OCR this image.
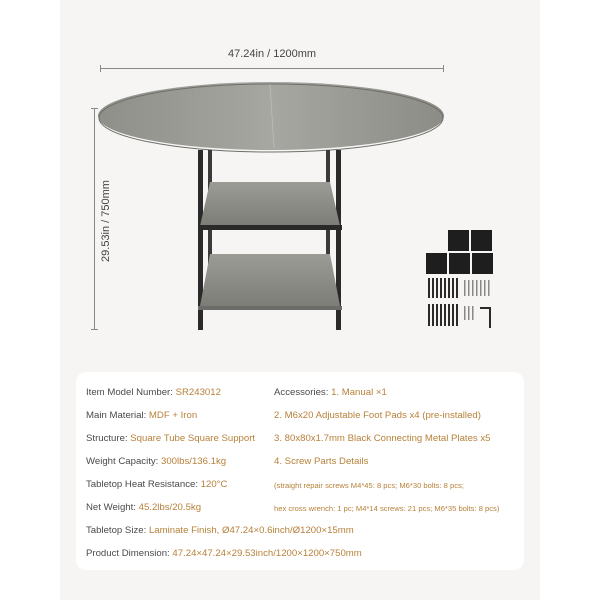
47.24in / 1200mm
29.53in / 750mm
Item Model Number: SR243012
Main Material: MDF + Iron
Structure: Square Tube Square Support
Weight Capacity: 300lbs/136.1kg
Tabletop Heat Resistance: 120°C
Net Weight: 45.2lbs/20.5kg
Tabletop Size: Laminate Finish, Ø47.24×0.6inch/Ø1200×15mm
Product Dimension: 47.24×47.24×29.53inch/1200×1200×750mm
Accessories: 1. Manual ×1
2. M6x20 Adjustable Foot Pads x4 (pre-installed)
3. 80x80x1.7mm Black Connecting Metal Plates x5
4. Screw Parts Details
(straight repair screws M4*45: 8 pcs; M6*30 bolts: 8 pcs;
hex cross wrench: 1 pc; M4*14 screws: 21 pcs; M6*35 bolts: 8 pcs)
